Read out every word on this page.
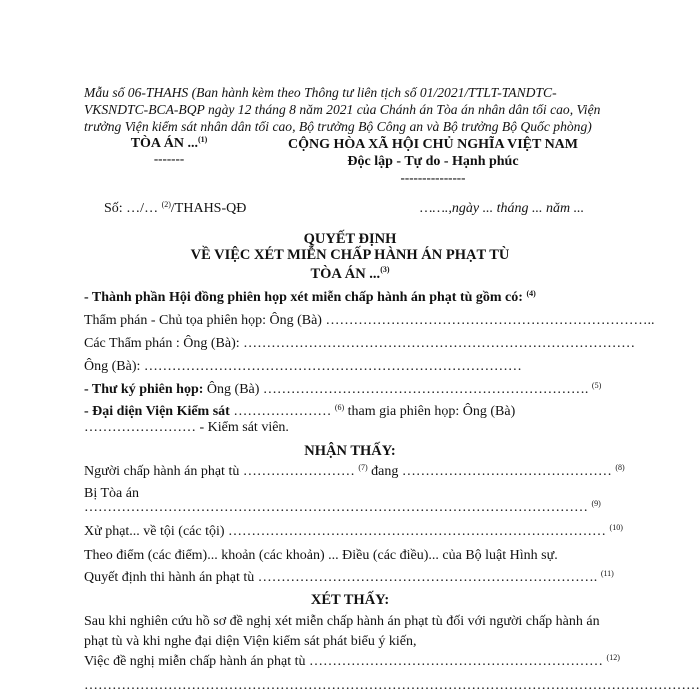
Mẫu số 06-THAHS (Ban hành kèm theo Thông tư liên tịch số 01/2021/TTLT-TANDTC-VKSNDTC-BCA-BQP ngày 12 tháng 8 năm 2021 của Chánh án Tòa án nhân dân tối cao, Viện trưởng Viện kiểm sát nhân dân tối cao, Bộ trưởng Bộ Công an và Bộ trưởng Bộ Quốc phòng)
TÒA ÁN ...$^{(1)}$
-------
CỘNG HÒA XÃ HỘI CHỦ NGHĨA VIỆT NAM
Độc lập - Tự do - Hạnh phúc
---------------
Số: …/… $^{(2)}$/THAHS-QĐ	…….,ngày ... tháng ... năm ...
QUYẾT ĐỊNH
VỀ VIỆC XÉT MIỄN CHẤP HÀNH ÁN PHẠT TÙ
TÒA ÁN ...$^{(3)}$
- Thành phần Hội đồng phiên họp xét miễn chấp hành án phạt tù gồm có: $^{(4)}$
Thẩm phán - Chủ tọa phiên họp: Ông (Bà) ……………………………………………………………..
Các Thẩm phán : Ông (Bà): …………………………………………………………………………
Ông (Bà): ………………………………………………………………………
- Thư ký phiên họp: Ông (Bà) ……………………………………………………………. $^{(5)}$
- Đại diện Viện Kiểm sát ………………… $^{(6)}$ tham gia phiên họp: Ông (Bà)
…………………… - Kiểm sát viên.
NHẬN THẤY:
Người chấp hành án phạt tù …………………… $^{(7)}$ đang ……………………………………… $^{(8)}$
Bị Tòa án
……………………………………………………………………………………………… $^{(9)}$
Xử phạt... về tội (các tội) ……………………………………………………………………… $^{(10)}$
Theo điểm (các điểm)... khoản (các khoản) ... Điều (các điều)... của Bộ luật Hình sự.
Quyết định thi hành án phạt tù ………………………………………………………………. $^{(11)}$
XÉT THẤY:
Sau khi nghiên cứu hồ sơ đề nghị xét miễn chấp hành án phạt tù đối với người chấp hành án phạt tù và khi nghe đại diện Viện kiểm sát phát biểu ý kiến,
Việc đề nghị miễn chấp hành án phạt tù ……………………………………………………… $^{(12)}$
……………………………………………………………………………………………………………………
